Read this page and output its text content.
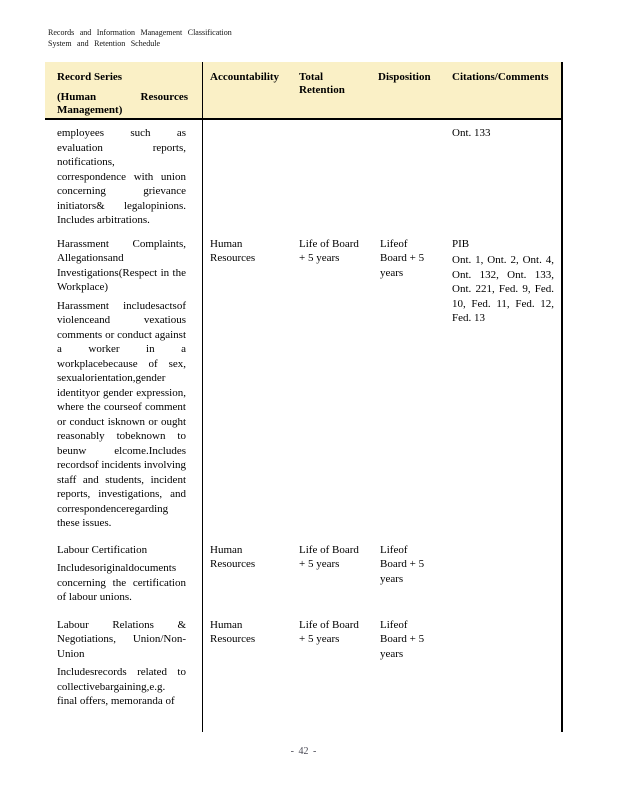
Records and Information Management Classification
System and Retention Schedule
Record Series
(Human Resources Management)
Accountability	Total Retention
Disposition	Citations/Comments

employees such as evaluation reports, notifications, correspondence with union concerning grievance initiators& legalopinions. Includes arbitrations.

Ont. 133

Harassment Complaints, Allegationsand Investigations(Respect in the Workplace)

Harassment includesactsof violenceand vexatious comments or conduct against a worker in a workplacebecause of sex, sexualorientation,gender identityor gender expression, where the courseof comment or conduct isknown or ought reasonably tobeknown to beunw elcome.Includes recordsof incidents involving staff and students, incident reports, investigations, and correspondenceregarding these issues.

Human Resources
Life of Board + 5 years
Lifeof Board + 5 years

PIB

Ont. 1, Ont. 2, Ont. 4, Ont. 132, Ont. 133, Ont. 221, Fed. 9, Fed. 10, Fed. 11, Fed. 12, Fed. 13

Labour Certification

Includesoriginaldocuments concerning the certification of labour unions.

Human Resources
Life of Board + 5 years
Lifeof Board + 5 years

Labour Relations & Negotiations, Union/Non-Union

Includesrecords related to collectivebargaining,e.g. final offers, memoranda of

Human Resources
Life of Board + 5 years
Lifeof Board + 5 years

- 42 -
